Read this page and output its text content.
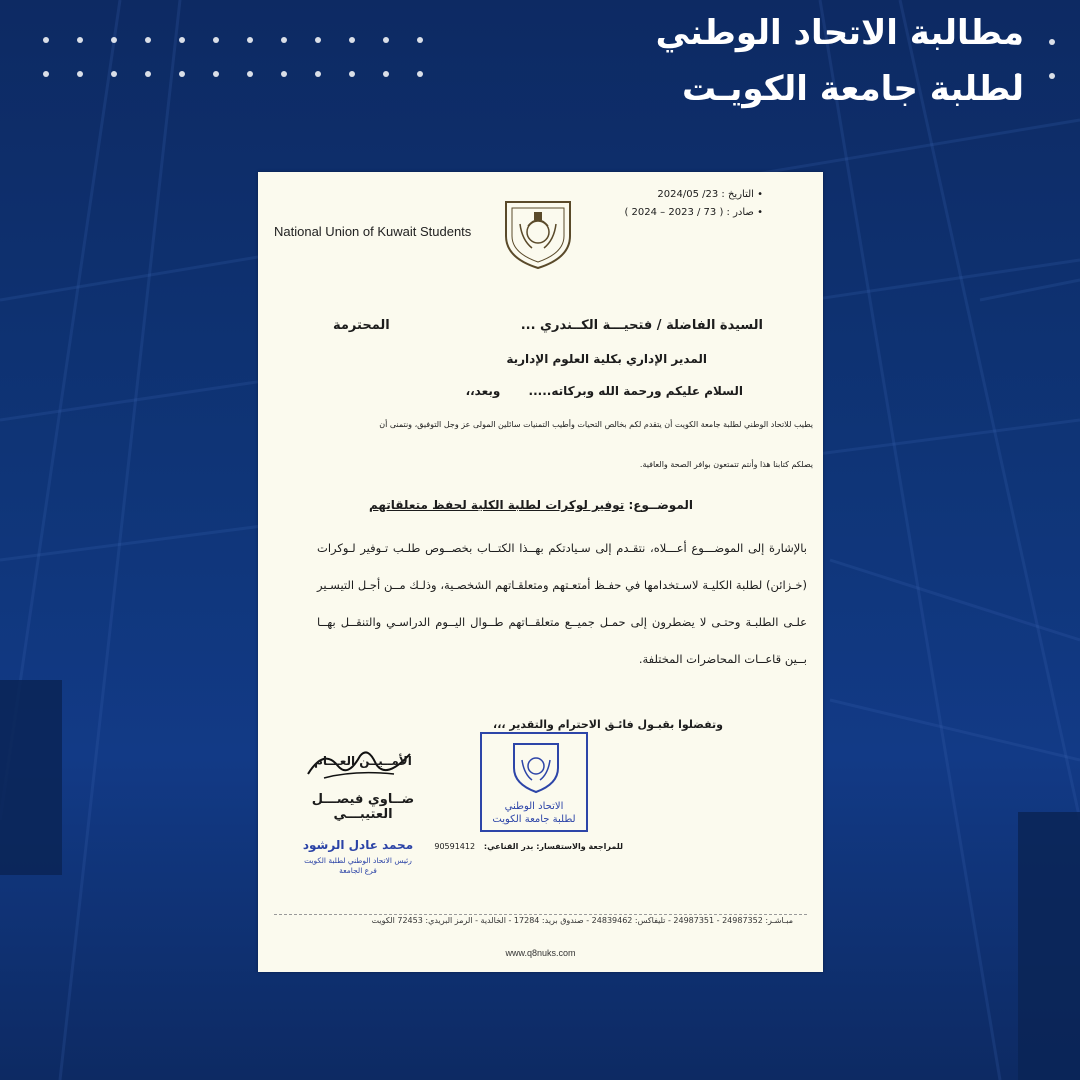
مطالبة الاتحاد الوطني
لطلبة جامعة الكويـت
• التاريخ : 23/ 2024/05
• صادر : ( 73 / 2023 – 2024 )
National Union of Kuwait Students
السيدة الفاضلة / فتحيـــة الكــندري ...
المحترمة
المدير الإداري بكلية العلوم الإدارية
السلام عليكم ورحمة الله وبركاته..... وبعد،،
يطيب للاتحاد الوطني لطلبة جامعة الكويت أن يتقدم لكم بخالص التحيات وأطيب التمنيات سائلين المولى عز وجل التوفيق، ونتمنى أن
يصلكم كتابنا هذا وأنتم تتمتعون بوافر الصحة والعافية.
الموضــوع: توفير لوكرات لطلبة الكلية لحفظ متعلقاتهم
بالإشارة إلى الموضـــوع أعـــلاه، نتقـدم إلى سـيادتكم بهــذا الكتــاب بخصــوص طلـب تـوفير لـوكرات (خـزائن) لطلبة الكليـة لاسـتخدامها في حفـظ أمتعـتهم ومتعلقـاتهم الشخصـية، وذلـك مــن أجـل التيسـير علـى الطلبـة وحتـى لا يضطرون إلى حمـل جميــع متعلقــاتهم طــوال اليــوم الدراسـي والتنقــل بهــا بــين قاعــات المحاضرات المختلفة.
وتفضلوا بقبـول فائـق الاحترام والتقدير ،،،
الأمــيــن العـــام
ضــاوي فيصـــل العتيبـــي
الاتحاد الوطني
لطلبة جامعة الكويت
محمد عادل الرشود
رئيس الاتحاد الوطني لطلبة الكويت
فرع الجامعة
للمراجعة والاستفسار: بدر القناعي: 90591412
مبـاشـر: 24987352 - 24987351 - تليفاكس: 24839462 - صندوق بريد: 17284 - الخالدية - الرمز البريدي: 72453 الكويت
www.q8nuks.com
